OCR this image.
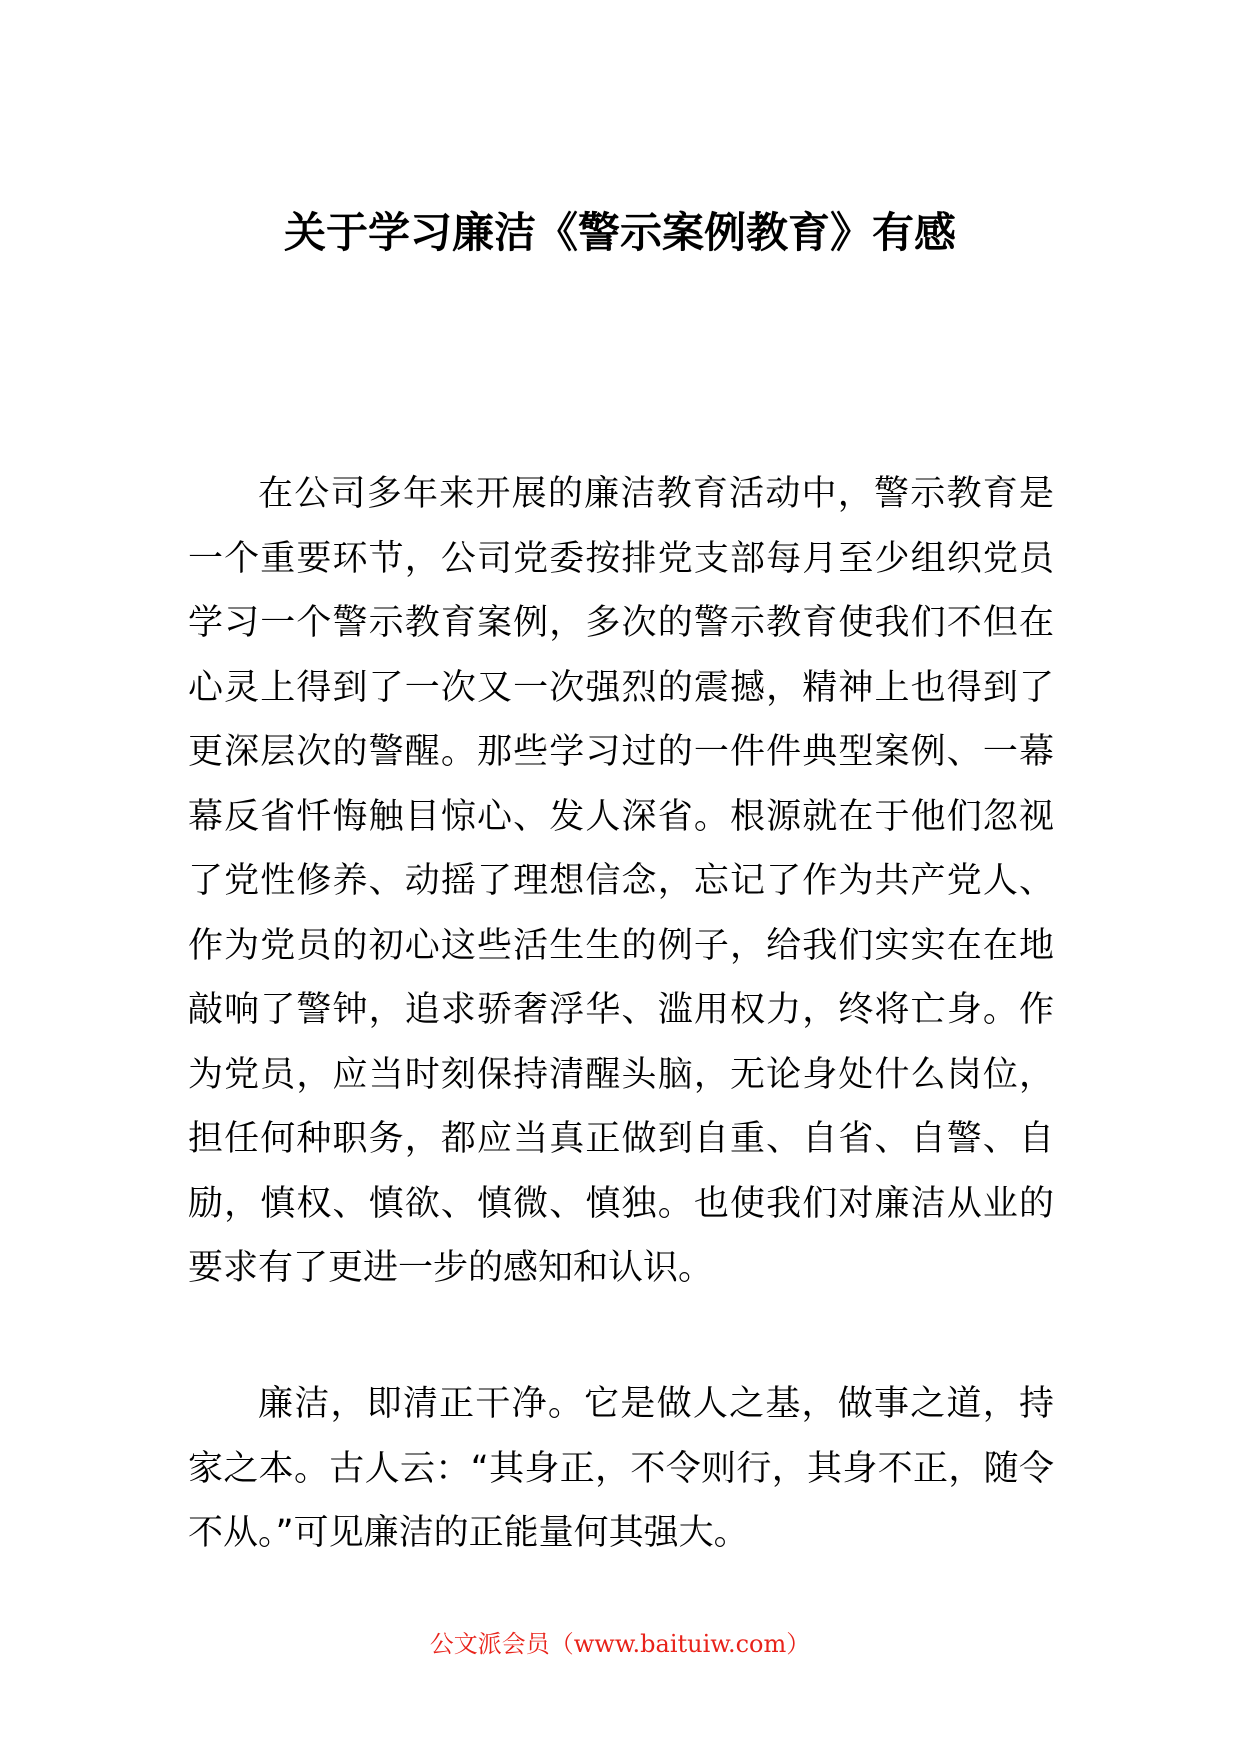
关于学习廉洁《警示案例教育》有感

在公司多年来开展的廉洁教育活动中，警示教育是一个重要环节，公司党委按排党支部每月至少组织党员学习一个警示教育案例，多次的警示教育使我们不但在心灵上得到了一次又一次强烈的震撼，精神上也得到了更深层次的警醒。那些学习过的一件件典型案例、一幕幕反省忏悔触目惊心、发人深省。根源就在于他们忽视了党性修养、动摇了理想信念，忘记了作为共产党人、作为党员的初心这些活生生的例子，给我们实实在在地敲响了警钟，追求骄奢浮华、滥用权力，终将亡身。作为党员，应当时刻保持清醒头脑，无论身处什么岗位，担任何种职务，都应当真正做到自重、自省、自警、自励，慎权、慎欲、慎微、慎独。也使我们对廉洁从业的要求有了更进一步的感知和认识。

廉洁，即清正干净。它是做人之基，做事之道，持家之本。古人云：“其身正，不令则行，其身不正，随令不从。”可见廉洁的正能量何其强大。

公文派会员（www.baituiw.com）
